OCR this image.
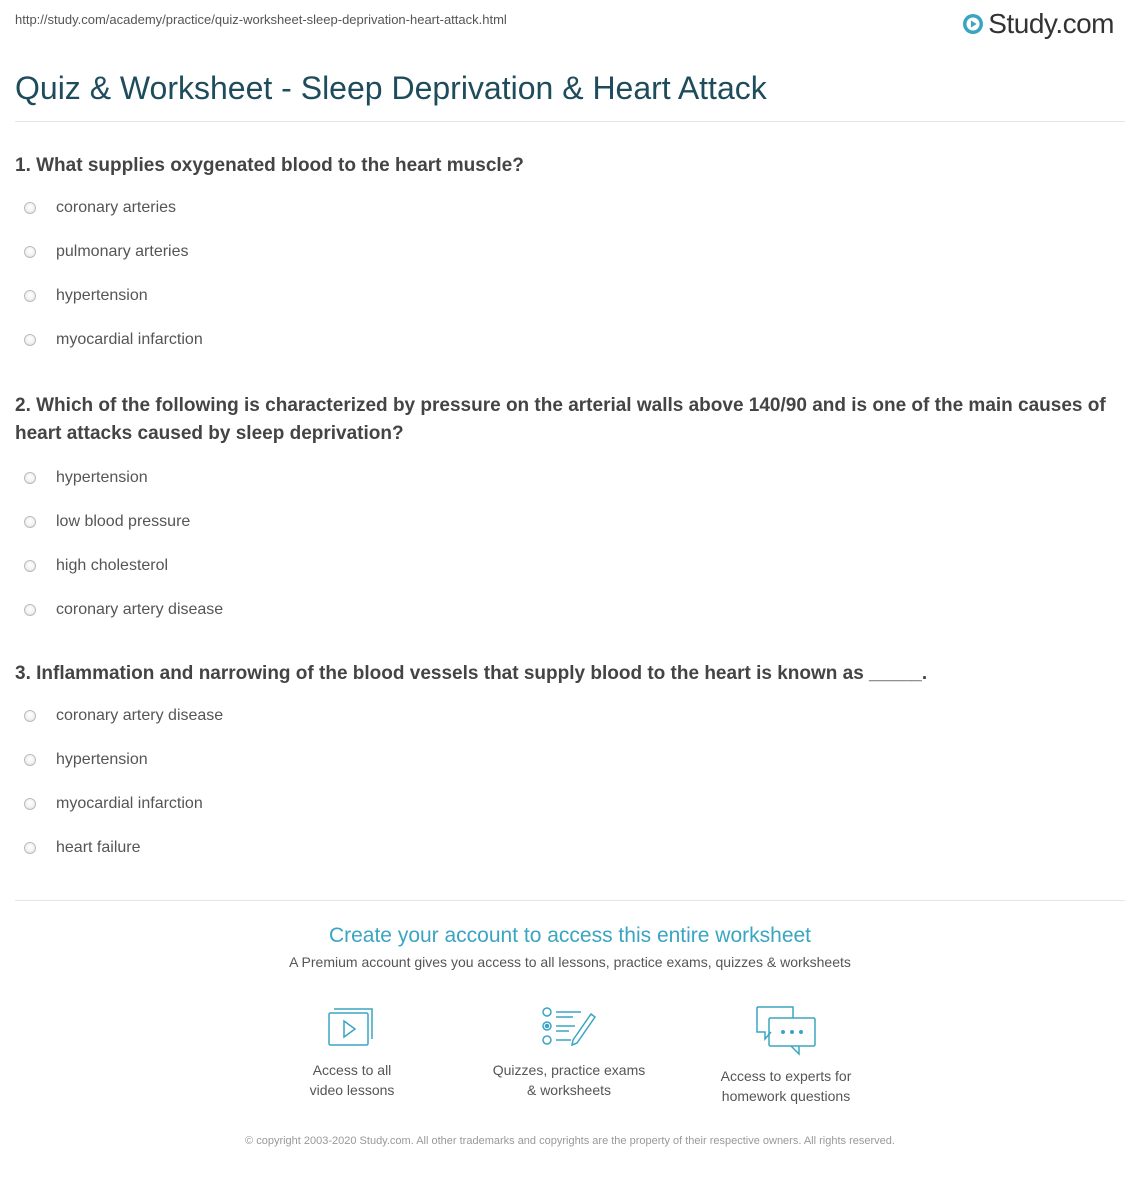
http://study.com/academy/practice/quiz-worksheet-sleep-deprivation-heart-attack.html	Study.com
Quiz & Worksheet - Sleep Deprivation & Heart Attack

1. What supplies oxygenated blood to the heart muscle?

coronary arteries
pulmonary arteries
hypertension
myocardial infarction

2. Which of the following is characterized by pressure on the arterial walls above 140/90 and is one of the main causes of heart attacks caused by sleep deprivation?

hypertension
low blood pressure
high cholesterol
coronary artery disease

3. Inflammation and narrowing of the blood vessels that supply blood to the heart is known as _____.

coronary artery disease
hypertension
myocardial infarction
heart failure
Create your account to access this entire worksheet
A Premium account gives you access to all lessons, practice exams, quizzes & worksheets
Access to all
video lessons
Quizzes, practice exams
& worksheets
Access to experts for
homework questions
© copyright 2003-2020 Study.com. All other trademarks and copyrights are the property of their respective owners. All rights reserved.
